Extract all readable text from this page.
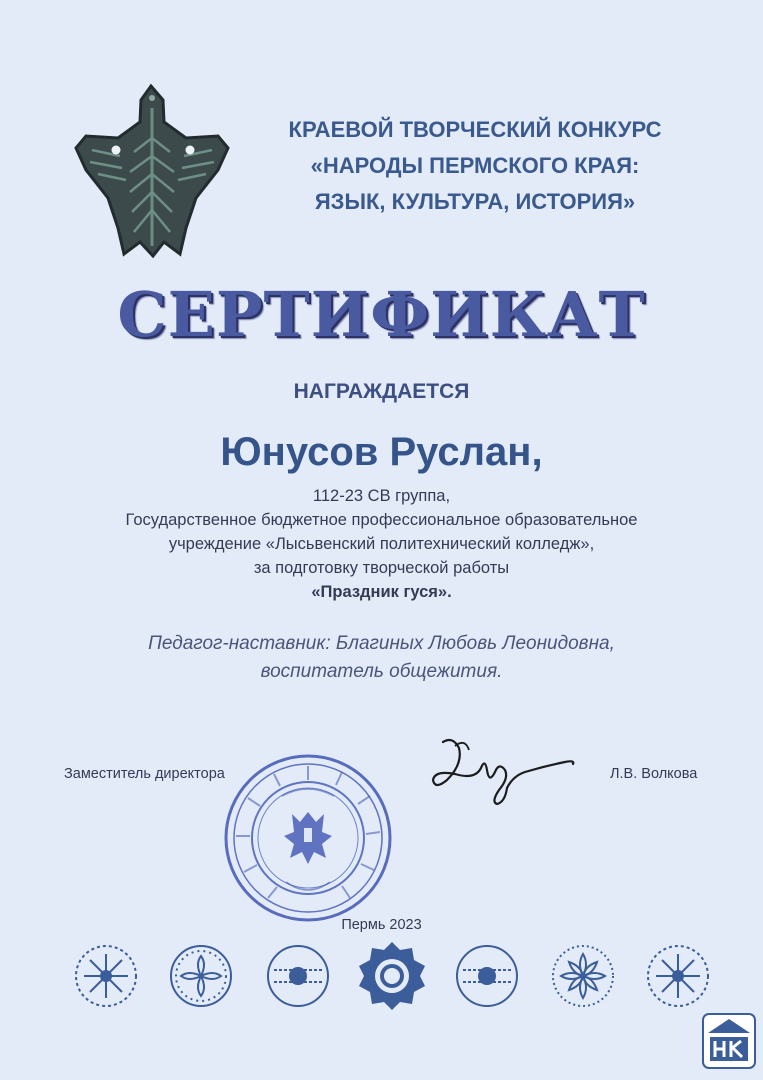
КРАЕВОЙ ТВОРЧЕСКИЙ КОНКУРС
«НАРОДЫ ПЕРМСКОГО КРАЯ:
ЯЗЫК, КУЛЬТУРА, ИСТОРИЯ»
СЕРТИФИКАТ
НАГРАЖДАЕТСЯ
Юнусов Руслан,
112-23 СВ группа,
Государственное бюджетное профессиональное образовательное
учреждение «Лысьвенский политехнический колледж»,
за подготовку творческой работы
«Праздник гуся».
Педагог-наставник: Благиных Любовь Леонидовна,
воспитатель общежития.
Заместитель директора	Л.В. Волкова
Пермь 2023
